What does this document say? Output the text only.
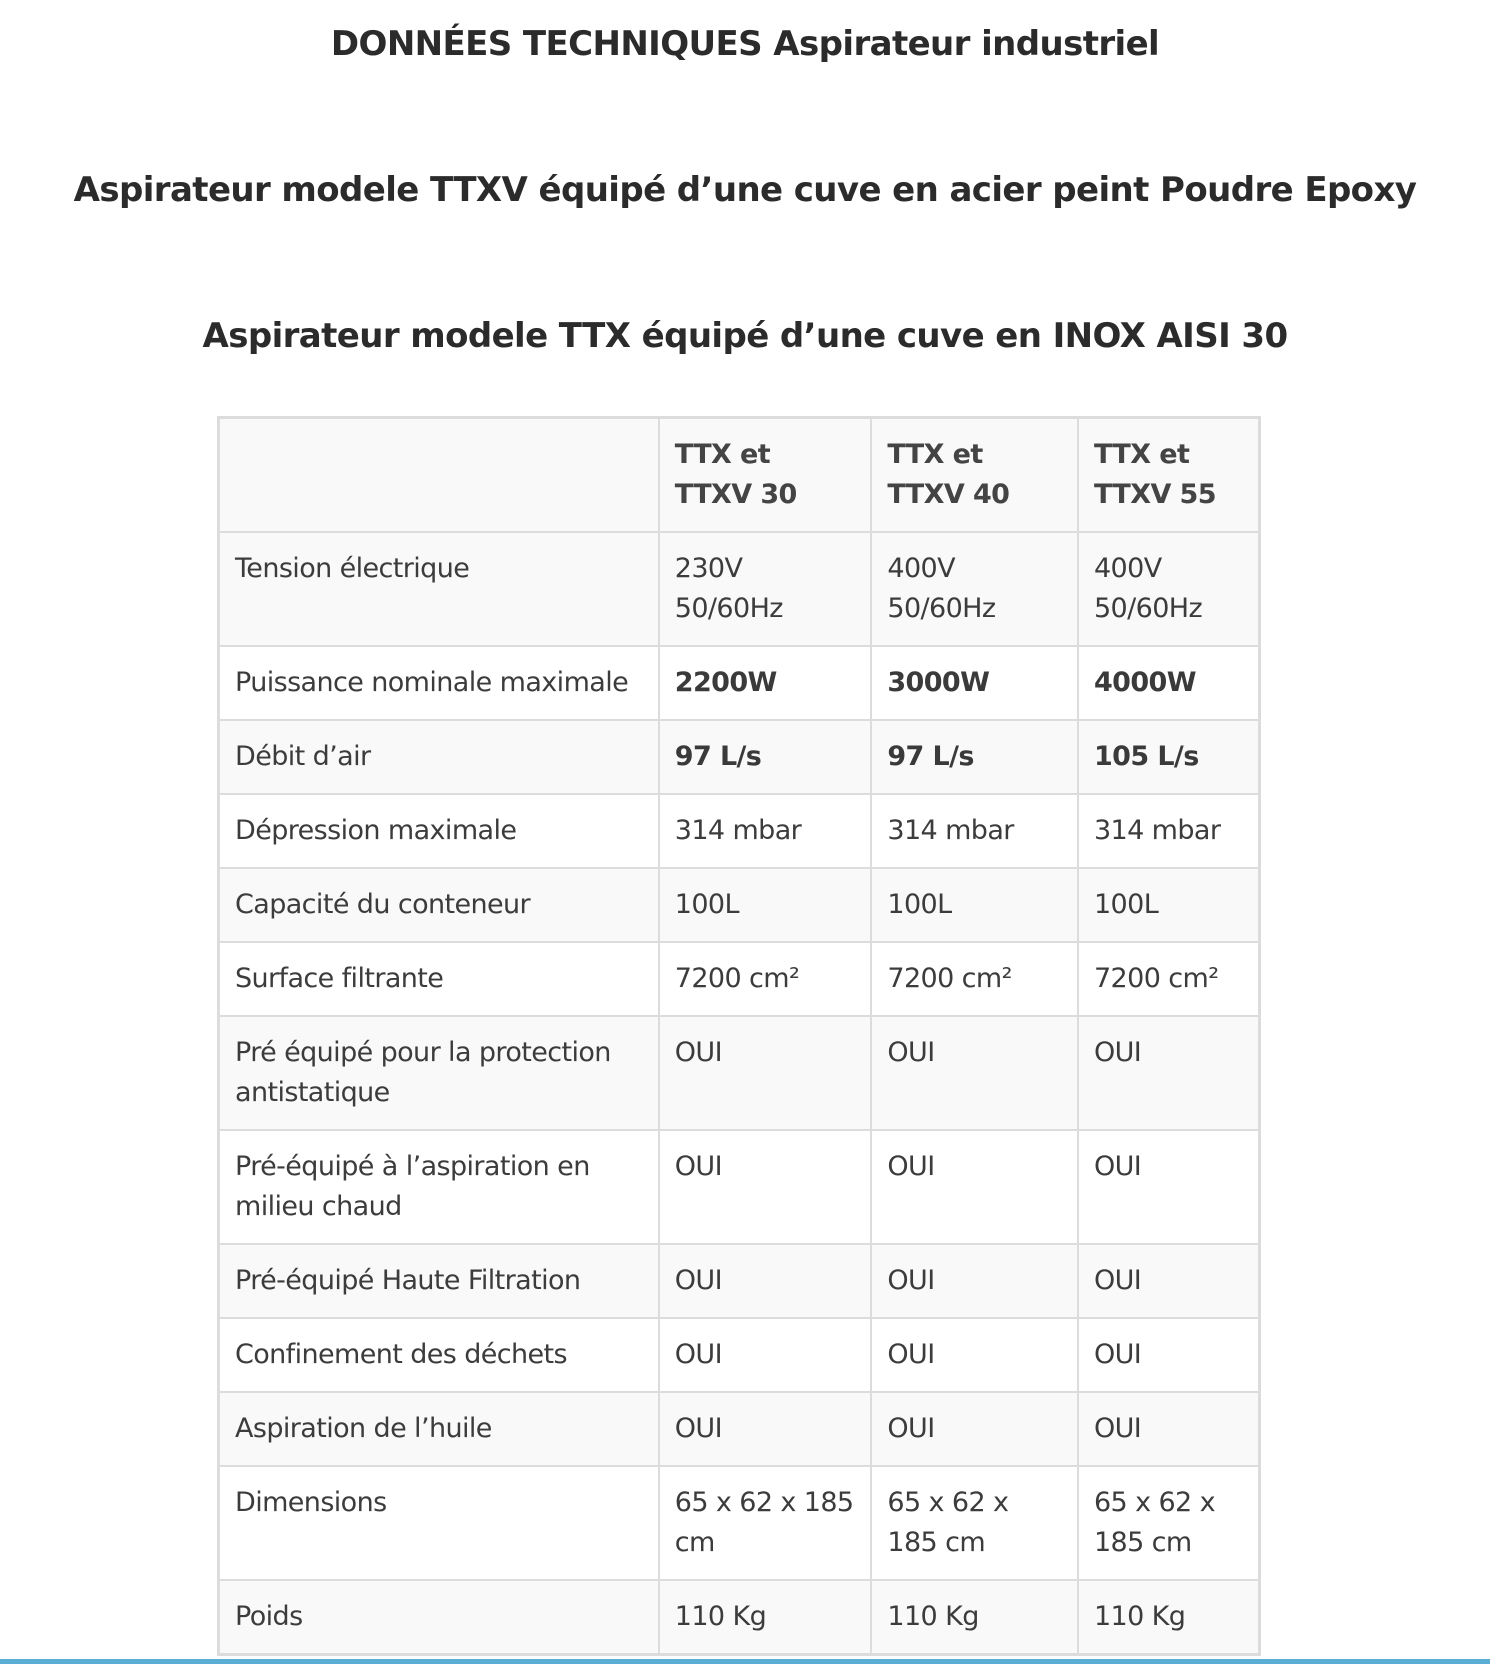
DONNÉES TECHNIQUES Aspirateur industriel
Aspirateur modele TTXV équipé d’une cuve en acier peint Poudre Epoxy
Aspirateur modele TTX équipé d’une cuve en INOX AISI 30
	TTX et TTXV 30	TTX et TTXV 40	TTX et TTXV 55
Tension électrique	230V 50/60Hz	400V 50/60Hz	400V 50/60Hz
Puissance nominale maximale	2200W	3000W	4000W
Débit d’air	97 L/s	97 L/s	105 L/s
Dépression maximale	314 mbar	314 mbar	314 mbar
Capacité du conteneur	100L	100L	100L
Surface filtrante	7200 cm²	7200 cm²	7200 cm²
Pré équipé pour la protection antistatique	OUI	OUI	OUI
Pré-équipé à l’aspiration en milieu chaud	OUI	OUI	OUI
Pré-équipé Haute Filtration	OUI	OUI	OUI
Confinement des déchets	OUI	OUI	OUI
Aspiration de l’huile	OUI	OUI	OUI
Dimensions	65 x 62 x 185 cm	65 x 62 x 185 cm	65 x 62 x 185 cm
Poids	110 Kg	110 Kg	110 Kg
